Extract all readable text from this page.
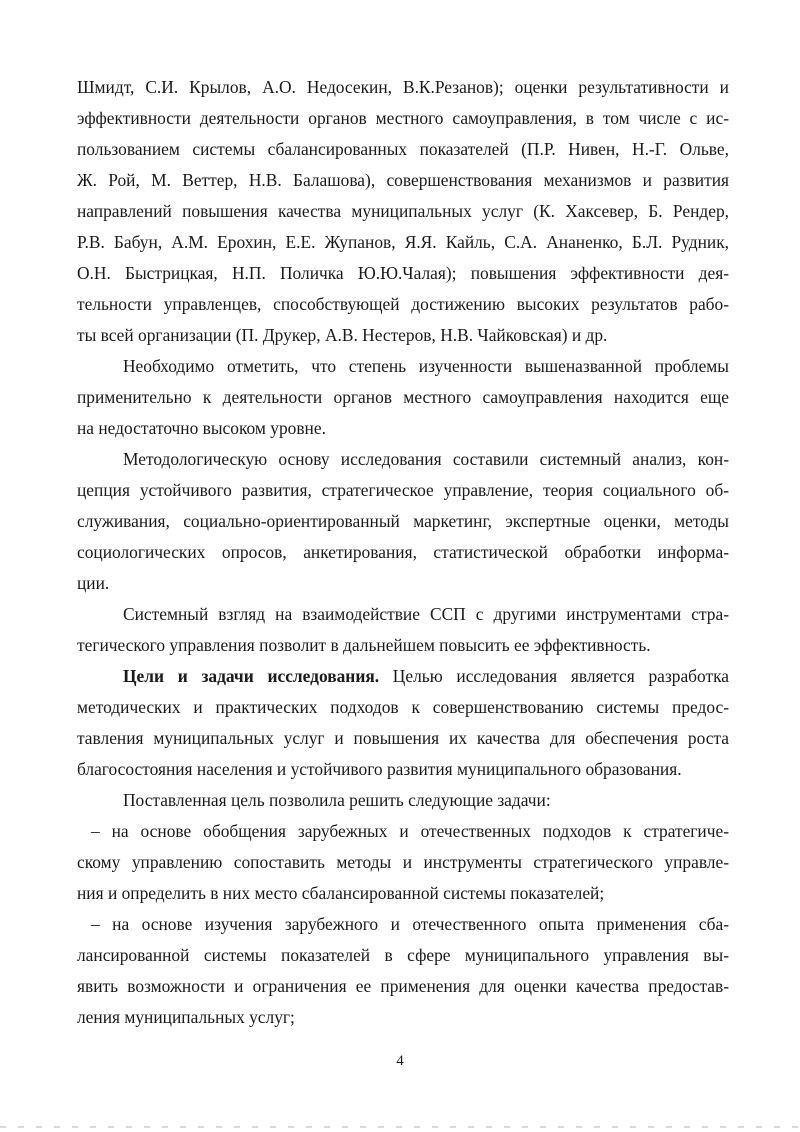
Шмидт, С.И. Крылов, А.О. Недосекин, В.К.Резанов); оценки результативности и
эффективности деятельности органов местного самоуправления, в том числе с ис-
пользованием системы сбалансированных показателей (П.Р. Нивен, Н.-Г. Ольве,
Ж. Рой, М. Веттер, Н.В. Балашова), совершенствования механизмов и развития
направлений повышения качества муниципальных услуг (К. Хаксевер, Б. Рендер,
Р.В. Бабун, А.М. Ерохин, Е.Е. Жупанов, Я.Я. Кайль, С.А. Ананенко, Б.Л. Рудник,
О.Н. Быстрицкая, Н.П. Поличка Ю.Ю.Чалая); повышения эффективности дея-
тельности управленцев, способствующей достижению высоких результатов рабо-
ты всей организации (П. Друкер, А.В. Нестеров, Н.В. Чайковская) и др.
Необходимо отметить, что степень изученности вышеназванной проблемы
применительно к деятельности органов местного самоуправления находится еще
на недостаточно высоком уровне.
Методологическую основу исследования составили системный анализ, кон-
цепция устойчивого развития, стратегическое управление, теория социального об-
служивания, социально-ориентированный маркетинг, экспертные оценки, методы
социологических опросов, анкетирования, статистической обработки информа-
ции.
Системный взгляд на взаимодействие ССП с другими инструментами стра-
тегического управления позволит в дальнейшем повысить ее эффективность.
Цели и задачи исследования. Целью исследования является разработка
методических и практических подходов к совершенствованию системы предос-
тавления муниципальных услуг и повышения их качества для обеспечения роста
благосостояния населения и устойчивого развития муниципального образования.
Поставленная цель позволила решить следующие задачи:
– на основе обобщения зарубежных и отечественных подходов к стратегиче-
скому управлению сопоставить методы и инструменты стратегического управле-
ния и определить в них место сбалансированной системы показателей;
– на основе изучения зарубежного и отечественного опыта применения сба-
лансированной системы показателей в сфере муниципального управления вы-
явить возможности и ограничения ее применения для оценки качества предостав-
ления муниципальных услуг;
4
